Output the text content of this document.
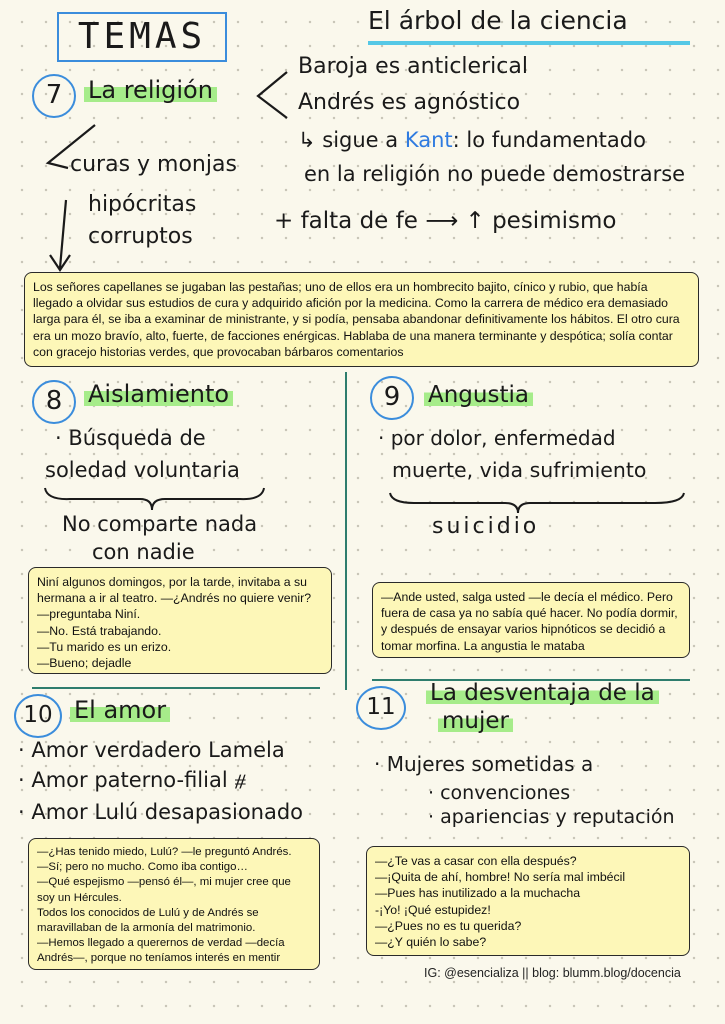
TEMAS	El árbol de la ciencia
7	La religión
Baroja es anticlerical
Andrés es agnóstico
↳ sigue a Kant: lo fundamentado
en la religión no puede demostrarse
curas y monjas
hipócritas
corruptos
+ falta de fe ⟶ ↑ pesimismo

Los señores capellanes se jugaban las pestañas; uno de ellos era un hombrecito bajito, cínico y rubio, que había llegado a olvidar sus estudios de cura y adquirido afición por la medicina. Como la carrera de médico era demasiado larga para él, se iba a examinar de ministrante, y si podía, pensaba abandonar definitivamente los hábitos. El otro cura era un mozo bravío, alto, fuerte, de facciones enérgicas. Hablaba de una manera terminante y despótica; solía contar con gracejo historias verdes, que provocaban bárbaros comentarios

8	Aislamiento
· Búsqueda de
soledad voluntaria
No comparte nada
con nadie

Niní algunos domingos, por la tarde, invitaba a su hermana a ir al teatro. —¿Andrés no quiere venir? —preguntaba Niní.

—No. Está trabajando.

—Tu marido es un erizo.

—Bueno; dejadle

9	Angustia
· por dolor, enfermedad
muerte, vida sufrimiento
suicidio

—Ande usted, salga usted —le decía el médico. Pero fuera de casa ya no sabía qué hacer. No podía dormir, y después de ensayar varios hipnóticos se decidió a tomar morfina. La angustia le mataba

10 El amor
· Amor verdadero Lamela
· Amor paterno-filial ⧣
· Amor Lulú desapasionado

—¿Has tenido miedo, Lulú? —le preguntó Andrés.

—Sí; pero no mucho. Como iba contigo…

—Qué espejismo —pensó él—, mi mujer cree que soy un Hércules.

Todos los conocidos de Lulú y de Andrés se maravillaban de la armonía del matrimonio.

—Hemos llegado a querernos de verdad —decía Andrés—, porque no teníamos interés en mentir

11
La desventaja de la
mujer
· Mujeres sometidas a
· convenciones
· apariencias y reputación

—¿Te vas a casar con ella después?

—¡Quita de ahí, hombre! No sería mal imbécil

—Pues has inutilizado a la muchacha

-¡Yo! ¡Qué estupidez!

—¿Pues no es tu querida?

—¿Y quién lo sabe?

IG: @esencializa || blog: blumm.blog/docencia
